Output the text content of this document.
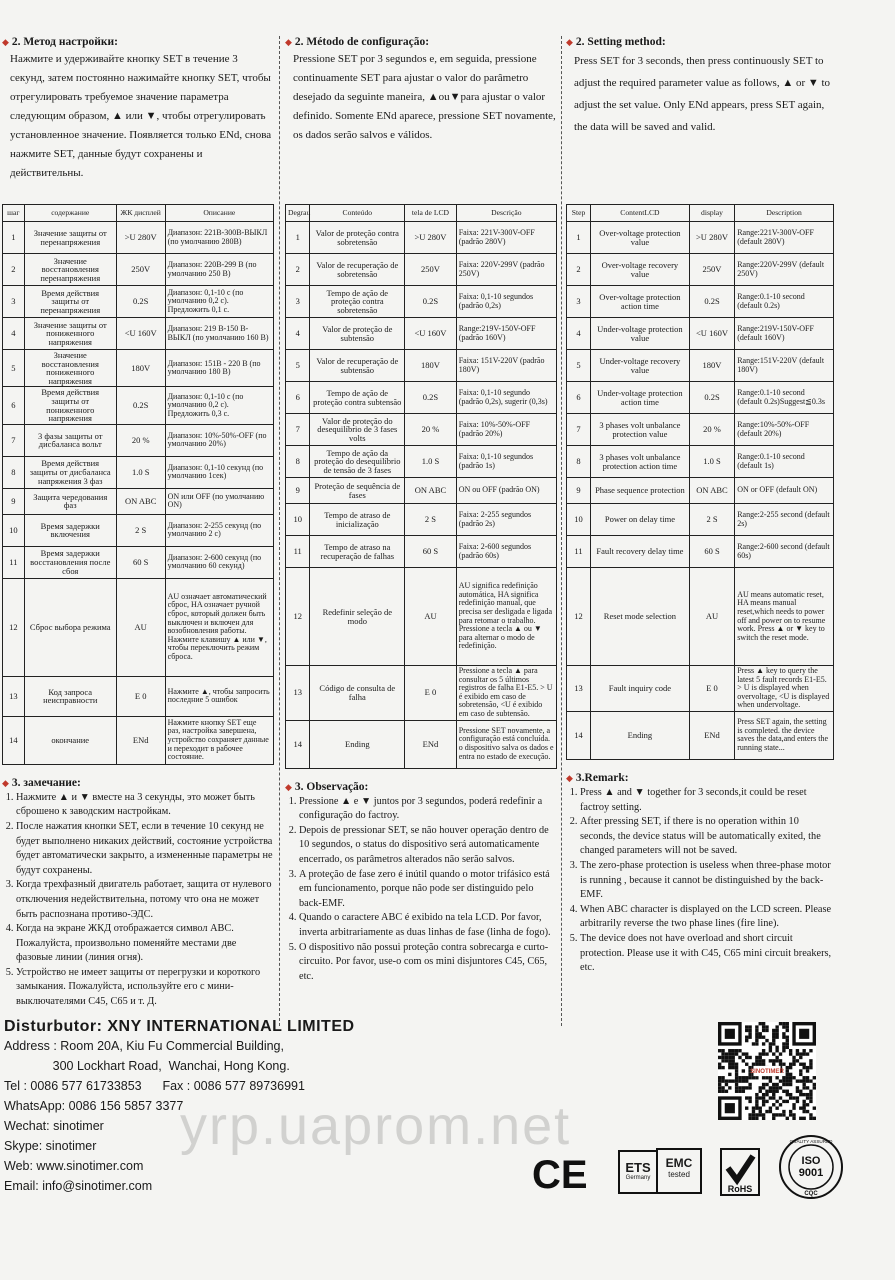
◆ 2. Метод настройки:
Нажмите и удерживайте кнопку SET в течение 3 секунд, затем постоянно нажимайте кнопку SET, чтобы отрегулировать требуемое значение параметра следующим образом, ▲ или ▼, чтобы отрегулировать установленное значение. Появляется только ENd, снова нажмите SET, данные будут сохранены и действительны.
шаг	содержание	ЖК дисплей	Описание
1	Значение защиты от перенапряжения	>U 280V	Диапазон: 221В-300В-ВЫКЛ (по умолчанию 280В)
2	Значение восстановления перенапряжения	250V	Диапазон: 220В-299 В (по умолчанию 250 В)
3	Время действия защиты от перенапряжения	0.2S	Диапазон: 0,1-10 с (по умолчанию 0,2 с). Предложить 0,1 с.
4	Значение защиты от пониженного напряжения	<U 160V	Диапазон: 219 В-150 В-ВЫКЛ (по умолчанию 160 В)
5	Значение восстановления пониженного напряжения	180V	Диапазон: 151В - 220 В (по умолчанию 180 В)
6	Время действия защиты от пониженного напряжения	0.2S	Диапазон: 0,1-10 с (по умолчанию 0,2 с). Предложить 0,3 с.
7	3 фазы защиты от дисбаланса вольт	20 %	Диапазон: 10%-50%-OFF (по умолчанию 20%)
8	Время действия защиты от дисбаланса напряжения 3 фаз	1.0 S	Диапазон: 0,1-10 секунд (по умолчанию 1сек)
9	Защита чередования фаз	ON ABC	ON или OFF (по умолчанию ON)
10	Время задержки включения	2 S	Диапазон: 2-255 секунд (по умолчанию 2 с)
11	Время задержки восстановления после сбоя	60 S	Диапазон: 2-600 секунд (по умолчанию 60 секунд)
12	Сброс выбора режима	AU	AU означает автоматический сброс, HA означает ручной сброс, который должен быть выключен и включен для возобновления работы. Нажмите клавишу ▲ или ▼, чтобы переключить режим сброса.
13	Код запроса неисправности	E 0	Нажмите ▲, чтобы запросить последние 5 ошибок
14	окончание	ENd	Нажмите кнопку SET еще раз, настройка завершена, устройство сохраняет данные и переходит в рабочее состояние.
◆ 3. замечание:
1. Нажмите ▲ и ▼ вместе на 3 секунды, это может быть сброшено к заводским настройкам.
2. После нажатия кнопки SET, если в течение 10 секунд не будет выполнено никаких действий, состояние устройства будет автоматически закрыто, а измененные параметры не будут сохранены.
3. Когда трехфазный двигатель работает, защита от нулевого отключения недействительна, потому что она не может быть распознана противо-ЭДС.
4. Когда на экране ЖКД отображается символ ABC. Пожалуйста, произвольно поменяйте местами две фазовые линии (линия огня).
5. Устройство не имеет защиты от перегрузки и короткого замыкания. Пожалуйста, используйте его с мини-выключателями C45, C65 и т. Д.
◆ 2. Método de configuração:
Pressione SET por 3 segundos e, em seguida, pressione continuamente SET para ajustar o valor do parâmetro desejado da seguinte maneira, ▲ou▼para ajustar o valor definido. Somente ENd aparece, pressione SET novamente, os dados serão salvos e válidos.
Degrau	Conteúdo	tela de LCD	Descrição
1	Valor de proteção contra sobretensão	>U 280V	Faixa: 221V-300V-OFF (padrão 280V)
2	Valor de recuperação de sobretensão	250V	Faixa: 220V-299V (padrão 250V)
3	Tempo de ação de proteção contra sobretensão	0.2S	Faixa: 0,1-10 segundos (padrão 0,2s)
4	Valor de proteção de subtensão	<U 160V	Range:219V-150V-OFF (padrão 160V)
5	Valor de recuperação de subtensão	180V	Faixa: 151V-220V (padrão 180V)
6	Tempo de ação de proteção contra subtensão	0.2S	Faixa: 0,1-10 segundo (padrão 0,2s), sugerir (0,3s)
7	Valor de proteção do desequilíbrio de 3 fases volts	20 %	Faixa: 10%-50%-OFF (padrão 20%)
8	Tempo de ação da proteção do desequilíbrio de tensão de 3 fases	1.0 S	Faixa: 0,1-10 segundos (padrão 1s)
9	Proteção de sequência de fases	ON ABC	ON ou OFF (padrão ON)
10	Tempo de atraso de inicialização	2 S	Faixa: 2-255 segundos (padrão 2s)
11	Tempo de atraso na recuperação de falhas	60 S	Faixa: 2-600 segundos (padrão 60s)
12	Redefinir seleção de modo	AU	AU significa redefinição automática, HA significa redefinição manual, que precisa ser desligada e ligada para retomar o trabalho. Pressione a tecla ▲ ou ▼ para alternar o modo de redefinição.
13	Código de consulta de falha	E 0	Pressione a tecla ▲ para consultar os 5 últimos registros de falha E1-E5. > U é exibido em caso de sobretensão, <U é exibido em caso de subtensão.
14	Ending	ENd	Pressione SET novamente, a configuração está concluída. o dispositivo salva os dados e entra no estado de execução.
◆ 3. Observação:
1. Pressione ▲ e ▼ juntos por 3 segundos, poderá redefinir a configuração do factroy.
2. Depois de pressionar SET, se não houver operação dentro de 10 segundos, o status do dispositivo será automaticamente encerrado, os parâmetros alterados não serão salvos.
3. A proteção de fase zero é inútil quando o motor trifásico está em funcionamento, porque não pode ser distinguido pelo back-EMF.
4. Quando o caractere ABC é exibido na tela LCD. Por favor, inverta arbitrariamente as duas linhas de fase (linha de fogo).
5. O dispositivo não possui proteção contra sobrecarga e curto-circuito. Por favor, use-o com os mini disjuntores C45, C65, etc.
◆ 2. Setting method:
Press SET for 3 seconds, then press continuously SET to adjust the required parameter value as follows, ▲ or ▼ to adjust the set value. Only ENd appears, press SET again, the data will be saved and valid.
Step	ContentLCD	display	Description
1	Over-voltage protection value	>U 280V	Range:221V-300V-OFF (default 280V)
2	Over-voltage recovery value	250V	Range:220V-299V (default 250V)
3	Over-voltage protection action time	0.2S	Range:0.1-10 second (default 0.2s)
4	Under-voltage protection value	<U 160V	Range:219V-150V-OFF (default 160V)
5	Under-voltage recovery value	180V	Range:151V-220V (default 180V)
6	Under-voltage protection action time	0.2S	Range:0.1-10 second (default 0.2s)Suggest≦0.3s
7	3 phases volt unbalance protection value	20 %	Range:10%-50%-OFF (default 20%)
8	3 phases volt unbalance protection action time	1.0 S	Range:0.1-10 second (default 1s)
9	Phase sequence protection	ON ABC	ON or OFF (default ON)
10	Power on delay time	2 S	Range:2-255 second (default 2s)
11	Fault recovery delay time	60 S	Range:2-600 second (default 60s)
12	Reset mode selection	AU	AU means automatic reset, HA means manual reset,which needs to power off and power on to resume work. Press ▲ or ▼ key to switch the reset mode.
13	Fault inquiry code	E 0	Press ▲ key to query the latest 5 fault records E1-E5. > U is displayed when overvoltage, <U is displayed when undervoltage.
14	Ending	ENd	Press SET again, the setting is completed. the device saves the data,and enters the running state...
◆ 3.Remark:
1. Press ▲ and ▼ together for 3 seconds,it could be reset factroy setting.
2. After pressing SET, if there is no operation within 10 seconds, the device status will be automatically exited, the changed parameters will not be saved.
3. The zero-phase protection is useless when three-phase motor is running , because it cannot be distinguished by the back-EMF.
4. When ABC character is displayed on the LCD screen. Please arbitrarily reverse the two phase lines (fire line).
5. The device does not have overload and short circuit protection. Please use it with C45, C65 mini circuit breakers, etc.
Disturbutor: XNY INTERNATIONAL LIMITED
Address : Room 20A, Kiu Fu Commercial Building,
300 Lockhart Road,  Wanchai, Hong Kong.
Tel : 0086 577 61733853      Fax : 0086 577 89736991
WhatsApp: 0086 156 5857 3377
Wechat: sinotimer
Skype: sinotimer
Web: www.sinotimer.com
Email: info@sinotimer.com
yrp.uaprom.net
SINOTIMER
CE	ETS
Germany
EMC
tested
RoHS
QUALITY ASSURED
ISO
9001
CQC
